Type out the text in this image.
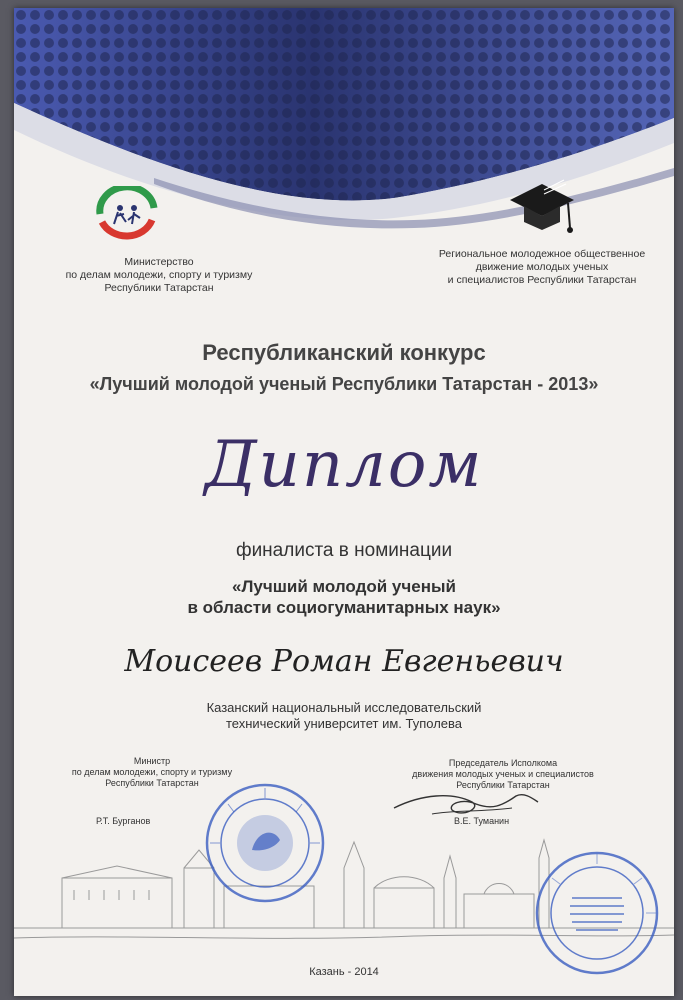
Министерство
по делам молодежи, спорту и туризму
Республики Татарстан
Региональное молодежное общественное
движение молодых ученых
и специалистов Республики Татарстан
Республиканский конкурс
«Лучший молодой ученый Республики Татарстан - 2013»
Диплом
финалиста в номинации
«Лучший молодой ученый
в области социогуманитарных наук»
Моисеев Роман Евгеньевич
Казанский национальный исследовательский
технический университет им. Туполева
Министр
по делам молодежи, спорту и туризму
Республики Татарстан
Р.Т. Бурганов
Председатель Исполкома
движения молодых ученых и специалистов
Республики Татарстан
В.Е. Туманин
Казань - 2014
